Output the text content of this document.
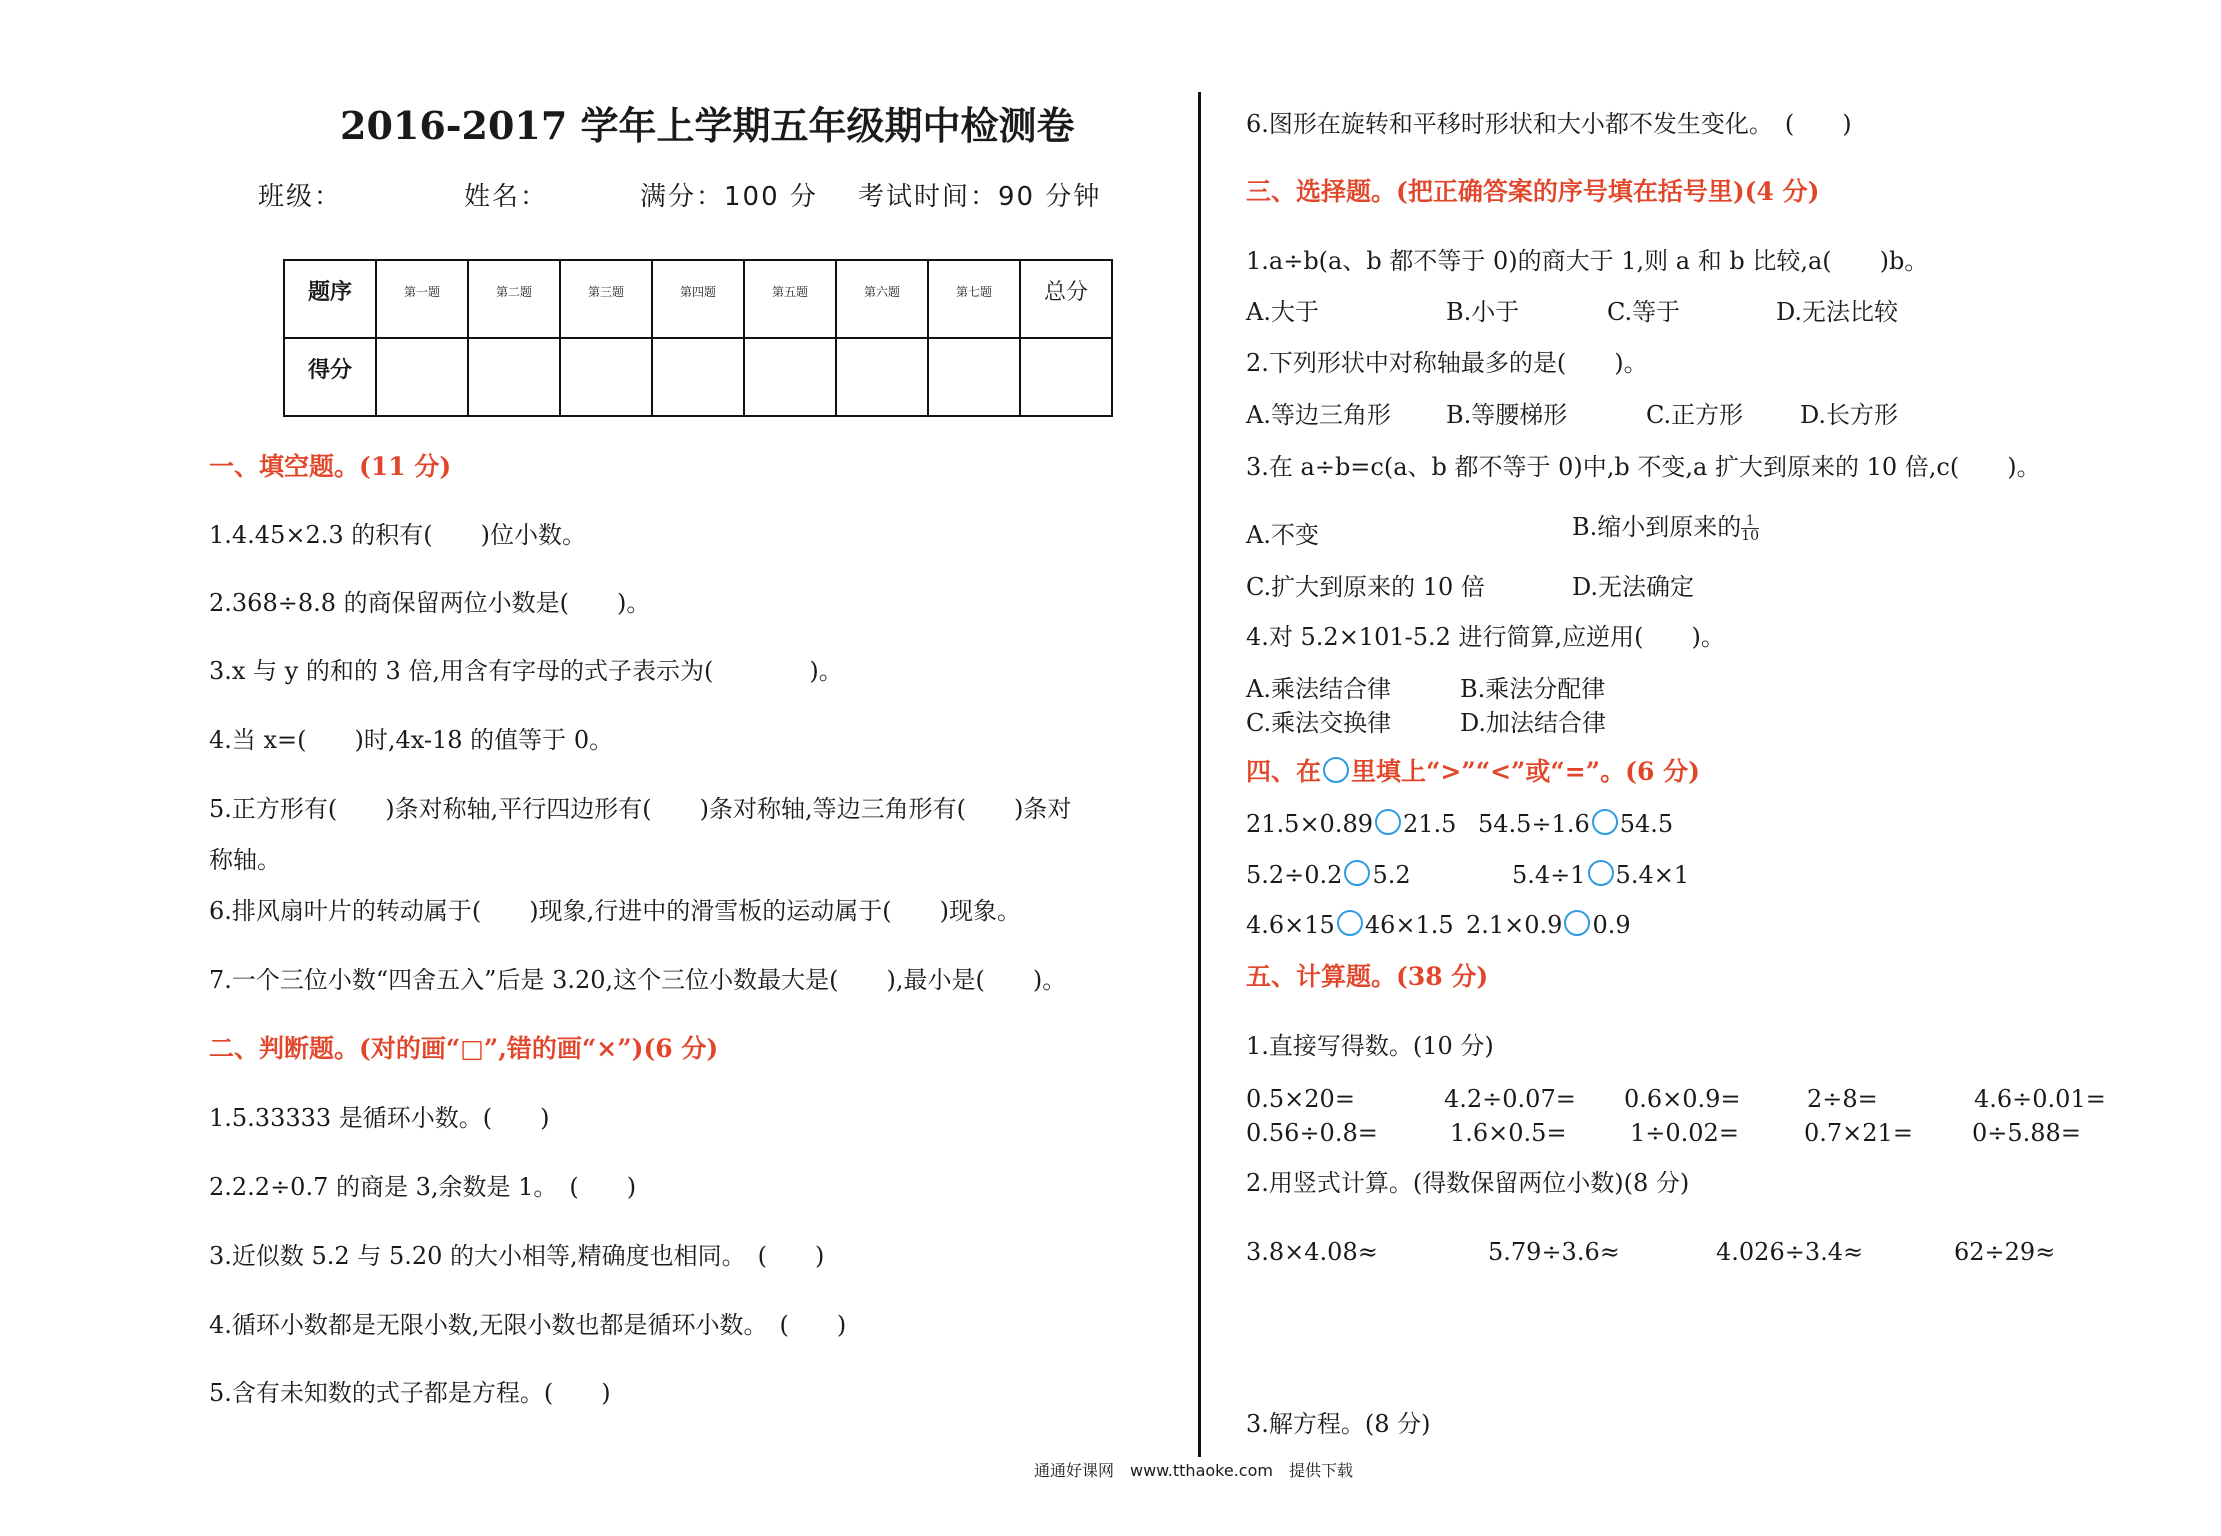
2016-2017 学年上学期五年级期中检测卷
班级：	姓名：	满分：100 分 考试时间：90 分钟
题序	第一题	第二题	第三题	第四题	第五题	第六题	第七题	总分
得分								
一、填空题。(11 分)
1.4.45×2.3 的积有(　　)位小数。
2.368÷8.8 的商保留两位小数是(　　)。
3.x 与 y 的和的 3 倍,用含有字母的式子表示为(　　　　)。
4.当 x=(　　)时,4x-18 的值等于 0。
5.正方形有(　　)条对称轴,平行四边形有(　　)条对称轴,等边三角形有(　　)条对
称轴。
6.排风扇叶片的转动属于(　　)现象,行进中的滑雪板的运动属于(　　)现象。
7.一个三位小数“四舍五入”后是 3.20,这个三位小数最大是(　　),最小是(　　)。
二、判断题。(对的画“□”,错的画“×”)(6 分)
1.5.33333 是循环小数。(　　)
2.2.2÷0.7 的商是 3,余数是 1。　(　　)
3.近似数 5.2 与 5.20 的大小相等,精确度也相同。　(　　)
4.循环小数都是无限小数,无限小数也都是循环小数。　(　　)
5.含有未知数的式子都是方程。(　　)
6.图形在旋转和平移时形状和大小都不发生变化。　(　　)
三、选择题。(把正确答案的序号填在括号里)(4 分)
1.a÷b(a、b 都不等于 0)的商大于 1,则 a 和 b 比较,a(　　)b。
A.大于	B.小于	C.等于	D.无法比较
2.下列形状中对称轴最多的是(　　)。
A.等边三角形 B.等腰梯形	C.正方形 D.长方形
3.在 a÷b=c(a、b 都不等于 0)中,b 不变,a 扩大到原来的 10 倍,c(　　)。
A.不变	B.缩小到原来的 $\frac{1}{10}$
C.扩大到原来的 10 倍	D.无法确定
4.对 5.2×101-5.2 进行简算,应逆用(　　)。
A.乘法结合律	B.乘法分配律
C.乘法交换律	D.加法结合律
四、在 里填上“>”“<”或“=”。(6 分)
21.5×0.89 21.5 54.5÷1.6 54.5
5.2÷0.2 5.2	5.4÷1 5.4×1
4.6×15 46×1.5 2.1×0.9 0.9
五、计算题。(38 分)
1.直接写得数。(10 分)
0.5×20=	4.2÷0.07= 0.6×0.9=	2÷8=	4.6÷0.01=
0.56÷0.8=	1.6×0.5=	1÷0.02=	0.7×21= 0÷5.88=
2.用竖式计算。(得数保留两位小数)(8 分)
3.8×4.08≈	5.79÷3.6≈	4.026÷3.4≈	62÷29≈
3.解方程。(8 分)
通通好课网　www.tthaoke.com　提供下载
